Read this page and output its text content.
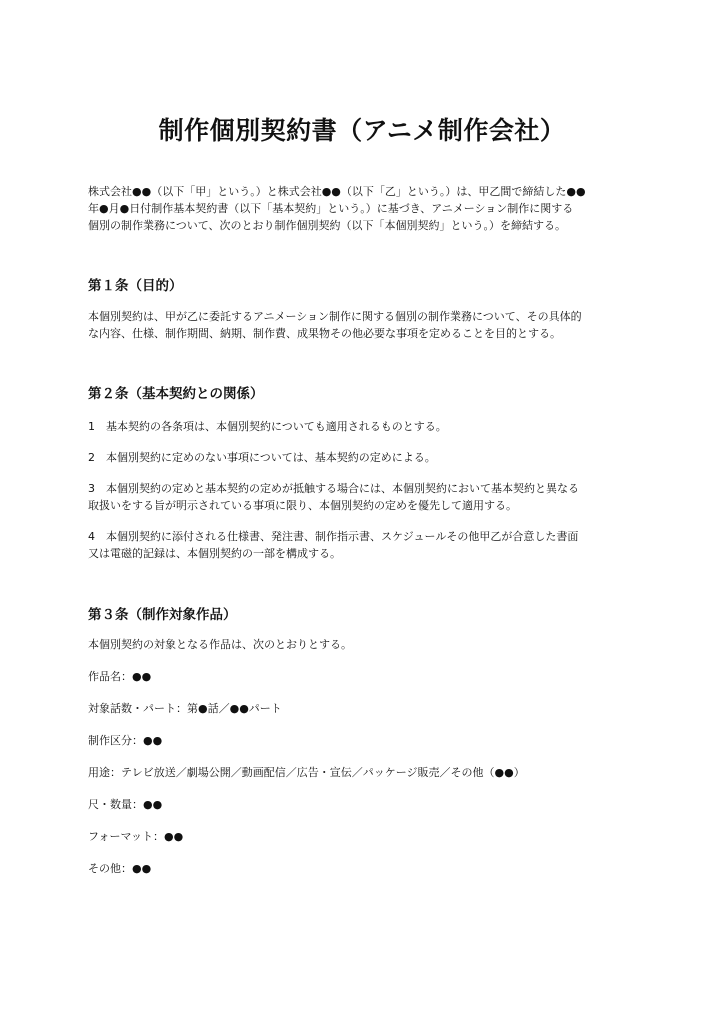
制作個別契約書（アニメ制作会社）
株式会社●●（以下「甲」という。）と株式会社●●（以下「乙」という。）は、甲乙間で締結した●●
年●月●日付制作基本契約書（以下「基本契約」という。）に基づき、アニメーション制作に関する
個別の制作業務について、次のとおり制作個別契約（以下「本個別契約」という。）を締結する。
第１条（目的）
本個別契約は、甲が乙に委託するアニメーション制作に関する個別の制作業務について、その具体的
な内容、仕様、制作期間、納期、制作費、成果物その他必要な事項を定めることを目的とする。
第２条（基本契約との関係）
1　基本契約の各条項は、本個別契約についても適用されるものとする。
2　本個別契約に定めのない事項については、基本契約の定めによる。
3　本個別契約の定めと基本契約の定めが抵触する場合には、本個別契約において基本契約と異なる
取扱いをする旨が明示されている事項に限り、本個別契約の定めを優先して適用する。
4　本個別契約に添付される仕様書、発注書、制作指示書、スケジュールその他甲乙が合意した書面
又は電磁的記録は、本個別契約の一部を構成する。
第３条（制作対象作品）
本個別契約の対象となる作品は、次のとおりとする。
作品名：●●
対象話数・パート：第●話／●●パート
制作区分：●●
用途：テレビ放送／劇場公開／動画配信／広告・宣伝／パッケージ販売／その他（●●）
尺・数量：●●
フォーマット：●●
その他：●●
